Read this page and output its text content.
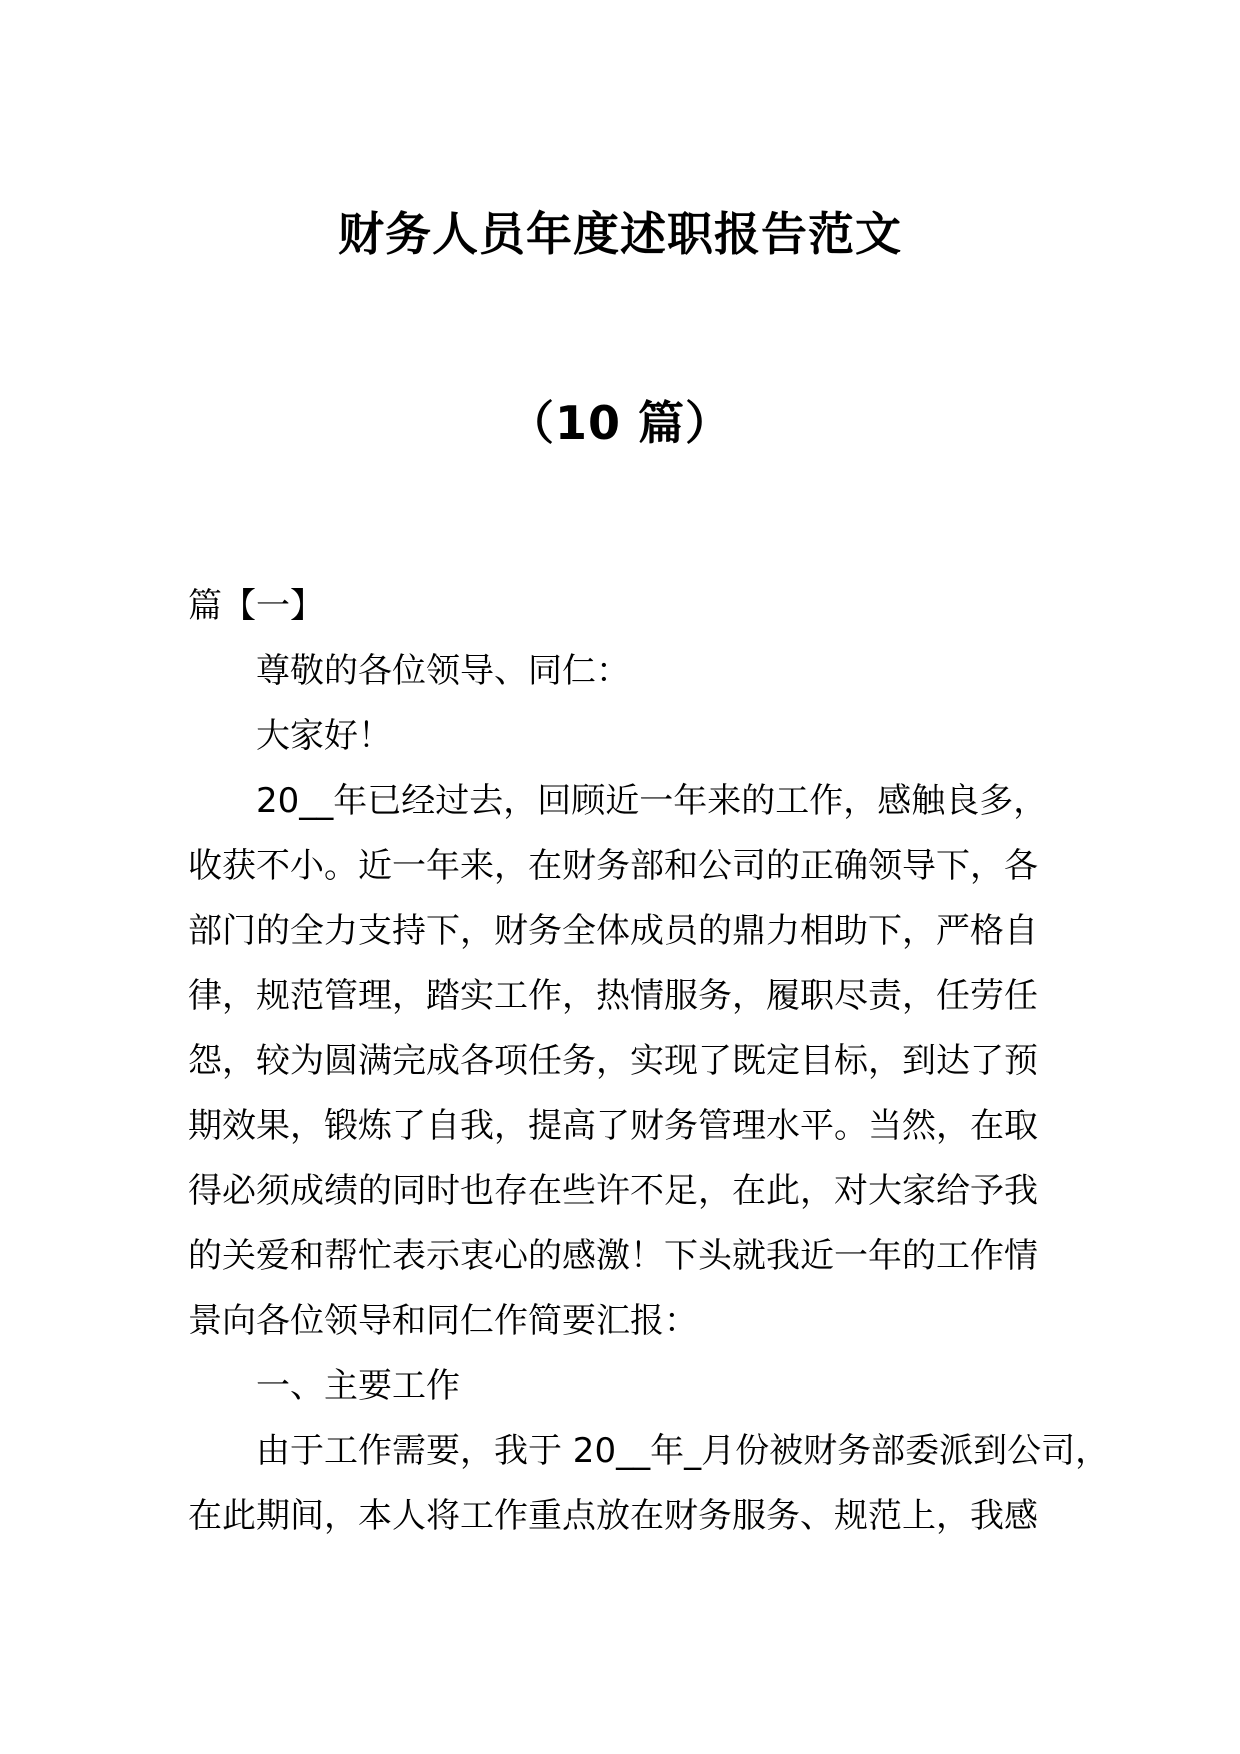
财务人员年度述职报告范文
（10 篇）
篇【一】
尊敬的各位领导、同仁：
大家好！
20__年已经过去，回顾近一年来的工作，感触良多，
收获不小。近一年来，在财务部和公司的正确领导下，各
部门的全力支持下，财务全体成员的鼎力相助下，严格自
律，规范管理，踏实工作，热情服务，履职尽责，任劳任
怨，较为圆满完成各项任务，实现了既定目标，到达了预
期效果，锻炼了自我，提高了财务管理水平。当然，在取
得必须成绩的同时也存在些许不足，在此，对大家给予我
的关爱和帮忙表示衷心的感激！下头就我近一年的工作情
景向各位领导和同仁作简要汇报：
一、主要工作
由于工作需要，我于 20__年_月份被财务部委派到公司，
在此期间，本人将工作重点放在财务服务、规范上，我感
